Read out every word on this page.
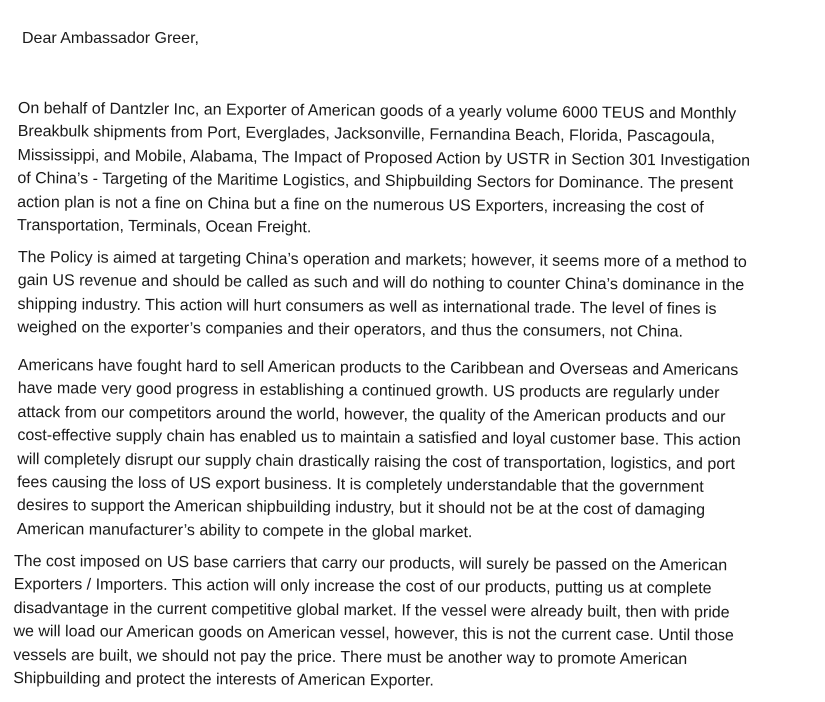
Dear Ambassador Greer,
On behalf of Dantzler Inc, an Exporter of American goods of a yearly volume 6000 TEUS and Monthly
Breakbulk shipments from Port, Everglades, Jacksonville, Fernandina Beach, Florida, Pascagoula,
Mississippi, and Mobile, Alabama, The Impact of Proposed Action by USTR in Section 301 Investigation
of China’s - Targeting of the Maritime Logistics, and Shipbuilding Sectors for Dominance. The present
action plan is not a fine on China but a fine on the numerous US Exporters, increasing the cost of
Transportation, Terminals, Ocean Freight.
The Policy is aimed at targeting China’s operation and markets; however, it seems more of a method to
gain US revenue and should be called as such and will do nothing to counter China’s dominance in the
shipping industry. This action will hurt consumers as well as international trade. The level of fines is
weighed on the exporter’s companies and their operators, and thus the consumers, not China.
Americans have fought hard to sell American products to the Caribbean and Overseas and Americans
have made very good progress in establishing a continued growth. US products are regularly under
attack from our competitors around the world, however, the quality of the American products and our
cost-effective supply chain has enabled us to maintain a satisfied and loyal customer base. This action
will completely disrupt our supply chain drastically raising the cost of transportation, logistics, and port
fees causing the loss of US export business. It is completely understandable that the government
desires to support the American shipbuilding industry, but it should not be at the cost of damaging
American manufacturer’s ability to compete in the global market.
The cost imposed on US base carriers that carry our products, will surely be passed on the American
Exporters / Importers. This action will only increase the cost of our products, putting us at complete
disadvantage in the current competitive global market. If the vessel were already built, then with pride
we will load our American goods on American vessel, however, this is not the current case. Until those
vessels are built, we should not pay the price. There must be another way to promote American
Shipbuilding and protect the interests of American Exporter.
